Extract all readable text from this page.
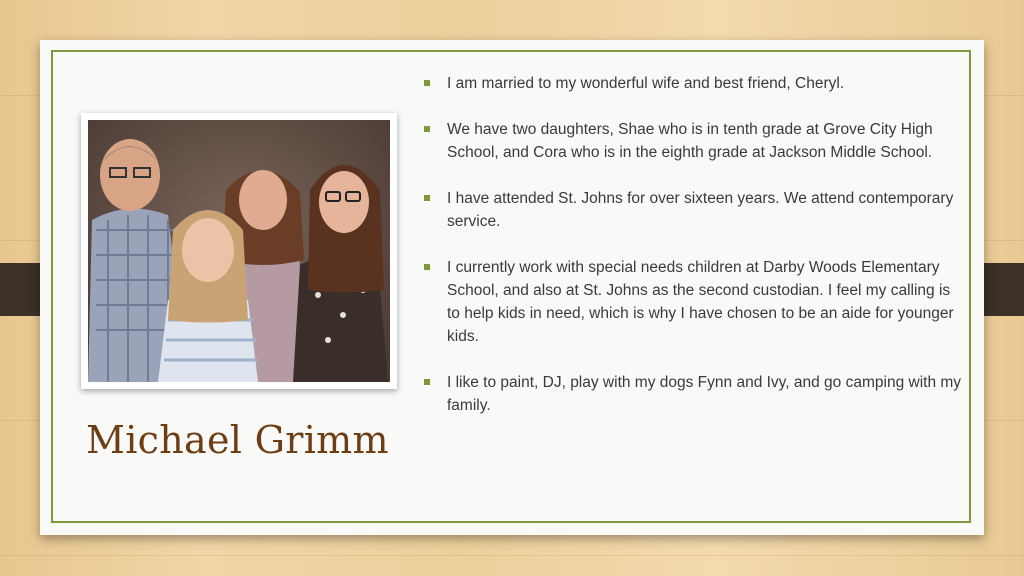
Michael Grimm
I am married to my wonderful wife and best friend, Cheryl.
We have two daughters, Shae who is in tenth grade at Grove City High School, and Cora who is in the eighth grade at Jackson Middle School.
I have attended St. Johns for over sixteen years. We attend contemporary service.
I currently work with special needs children at Darby Woods Elementary School, and also at St. Johns as the second custodian. I feel my calling is to help kids in need, which is why I have chosen to be an aide for younger kids.
I like to paint, DJ, play with my dogs Fynn and Ivy, and go camping with my family.
